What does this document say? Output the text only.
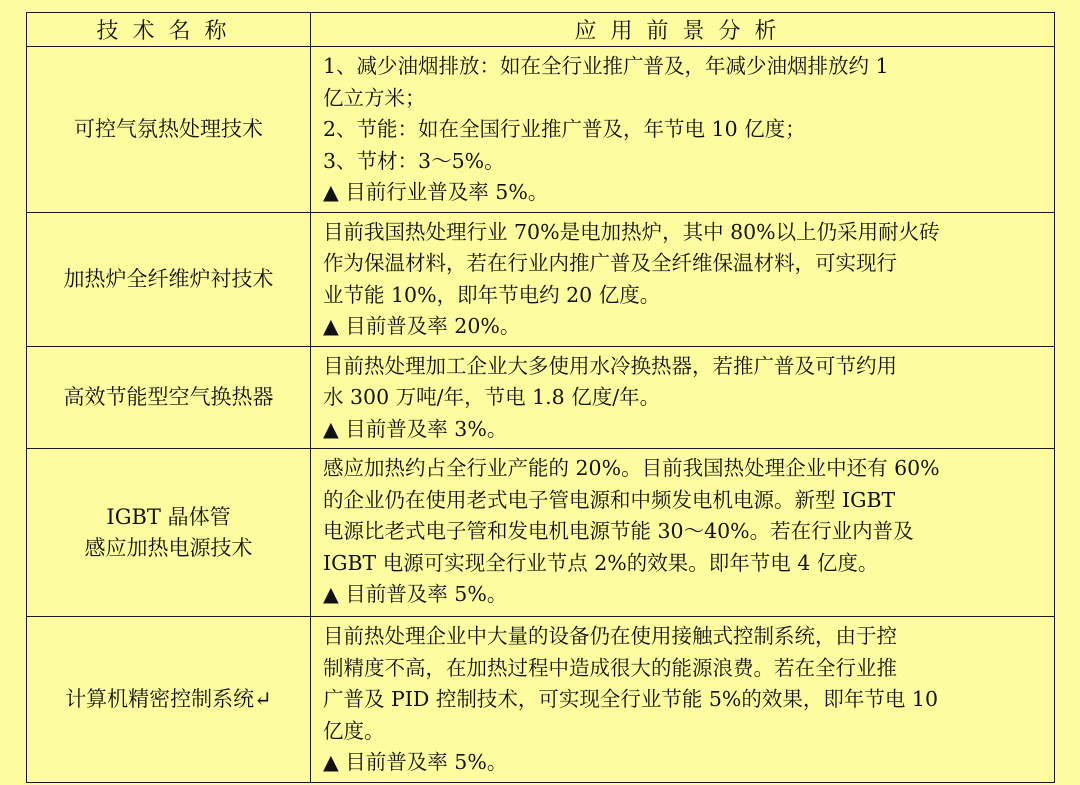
技术名称	应用前景分析

可控气氛热处理技术	1、减少油烟排放：如在全行业推广普及，年减少油烟排放约 1
亿立方米；
2、节能：如在全国行业推广普及，年节电 10 亿度；
3、节材：3～5%。
▲ 目前行业普及率 5%。

加热炉全纤维炉衬技术	目前我国热处理行业 70%是电加热炉，其中 80%以上仍采用耐火砖
作为保温材料，若在行业内推广普及全纤维保温材料，可实现行
业节能 10%，即年节电约 20 亿度。
▲ 目前普及率 20%。

高效节能型空气换热器	目前热处理加工企业大多使用水冷换热器，若推广普及可节约用
水 300 万吨/年，节电 1.8 亿度/年。
▲ 目前普及率 3%。

IGBT 晶体管
感应加热电源技术	感应加热约占全行业产能的 20%。目前我国热处理企业中还有 60%
的企业仍在使用老式电子管电源和中频发电机电源。新型 IGBT
电源比老式电子管和发电机电源节能 30～40%。若在行业内普及
IGBT 电源可实现全行业节点 2%的效果。即年节电 4 亿度。
▲ 目前普及率 5%。

计算机精密控制系统↵	目前热处理企业中大量的设备仍在使用接触式控制系统，由于控
制精度不高，在加热过程中造成很大的能源浪费。若在全行业推
广普及 PID 控制技术，可实现全行业节能 5%的效果，即年节电 10
亿度。
▲ 目前普及率 5%。
